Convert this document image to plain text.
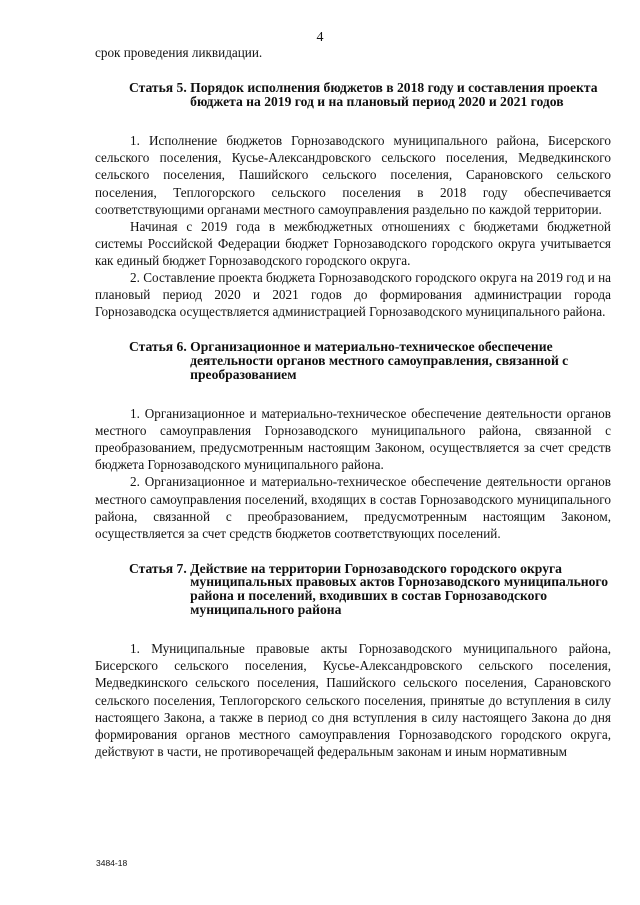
4

срок проведения ликвидации.

Статья 5. Порядок исполнения бюджетов в 2018 году и составления проекта бюджета на 2019 год и на плановый период 2020 и 2021 годов

1. Исполнение бюджетов Горнозаводского муниципального района, Бисерского сельского поселения, Кусье-Александровского сельского поселения, Медведкинского сельского поселения, Пашийского сельского поселения, Сарановского сельского поселения, Теплогорского сельского поселения в 2018 году обеспечивается соответствующими органами местного самоуправления раздельно по каждой территории.

Начиная с 2019 года в межбюджетных отношениях с бюджетами бюджетной системы Российской Федерации бюджет Горнозаводского городского округа учитывается как единый бюджет Горнозаводского городского округа.

2. Составление проекта бюджета Горнозаводского городского округа на 2019 год и на плановый период 2020 и 2021 годов до формирования администрации города Горнозаводска осуществляется администрацией Горнозаводского муниципального района.

Статья 6. Организационное и материально-техническое обеспечение деятельности органов местного самоуправления, связанной с преобразованием

1. Организационное и материально-техническое обеспечение деятельности органов местного самоуправления Горнозаводского муниципального района, связанной с преобразованием, предусмотренным настоящим Законом, осуществляется за счет средств бюджета Горнозаводского муниципального района.

2. Организационное и материально-техническое обеспечение деятельности органов местного самоуправления поселений, входящих в состав Горнозаводского муниципального района, связанной с преобразованием, предусмотренным настоящим Законом, осуществляется за счет средств бюджетов соответствующих поселений.

Статья 7. Действие на территории Горнозаводского городского округа муниципальных правовых актов Горнозаводского муниципального района и поселений, входивших в состав Горнозаводского муниципального района

1. Муниципальные правовые акты Горнозаводского муниципального района, Бисерского сельского поселения, Кусье-Александровского сельского поселения, Медведкинского сельского поселения, Пашийского сельского поселения, Сарановского сельского поселения, Теплогорского сельского поселения, принятые до вступления в силу настоящего Закона, а также в период со дня вступления в силу настоящего Закона до дня формирования органов местного самоуправления Горнозаводского городского округа, действуют в части, не противоречащей федеральным законам и иным нормативным

3484-18
